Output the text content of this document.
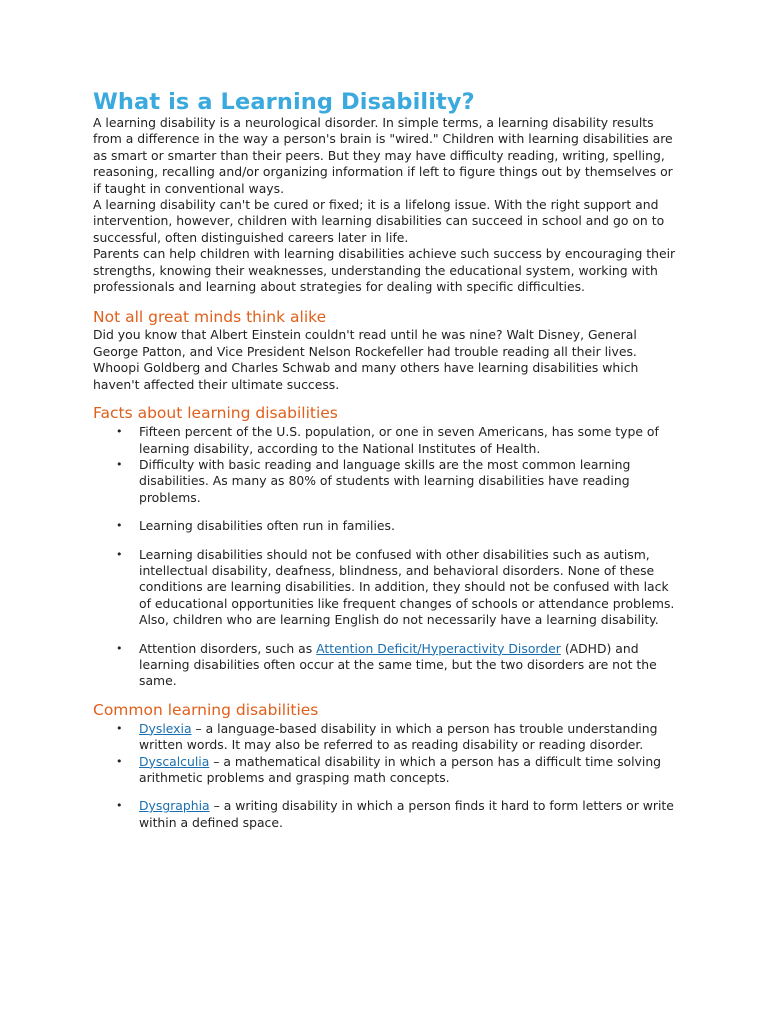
What is a Learning Disability?

A learning disability is a neurological disorder. In simple terms, a learning disability results from a difference in the way a person's brain is "wired." Children with learning disabilities are as smart or smarter than their peers. But they may have difficulty reading, writing, spelling, reasoning, recalling and/or organizing information if left to figure things out by themselves or if taught in conventional ways.

A learning disability can't be cured or fixed; it is a lifelong issue. With the right support and intervention, however, children with learning disabilities can succeed in school and go on to successful, often distinguished careers later in life.

Parents can help children with learning disabilities achieve such success by encouraging their strengths, knowing their weaknesses, understanding the educational system, working with professionals and learning about strategies for dealing with specific difficulties.

Not all great minds think alike

Did you know that Albert Einstein couldn't read until he was nine? Walt Disney, General George Patton, and Vice President Nelson Rockefeller had trouble reading all their lives. Whoopi Goldberg and Charles Schwab and many others have learning disabilities which haven't affected their ultimate success.

Facts about learning disabilities
• Fifteen percent of the U.S. population, or one in seven Americans, has some type of learning disability, according to the National Institutes of Health.
• Difficulty with basic reading and language skills are the most common learning disabilities. As many as 80% of students with learning disabilities have reading problems.
• Learning disabilities often run in families.
• Learning disabilities should not be confused with other disabilities such as autism, intellectual disability, deafness, blindness, and behavioral disorders. None of these conditions are learning disabilities. In addition, they should not be confused with lack of educational opportunities like frequent changes of schools or attendance problems. Also, children who are learning English do not necessarily have a learning disability.
• Attention disorders, such as Attention Deficit/Hyperactivity Disorder (ADHD) and learning disabilities often occur at the same time, but the two disorders are not the same.
Common learning disabilities
• Dyslexia – a language-based disability in which a person has trouble understanding written words. It may also be referred to as reading disability or reading disorder.
• Dyscalculia – a mathematical disability in which a person has a difficult time solving arithmetic problems and grasping math concepts.
• Dysgraphia – a writing disability in which a person finds it hard to form letters or write within a defined space.
